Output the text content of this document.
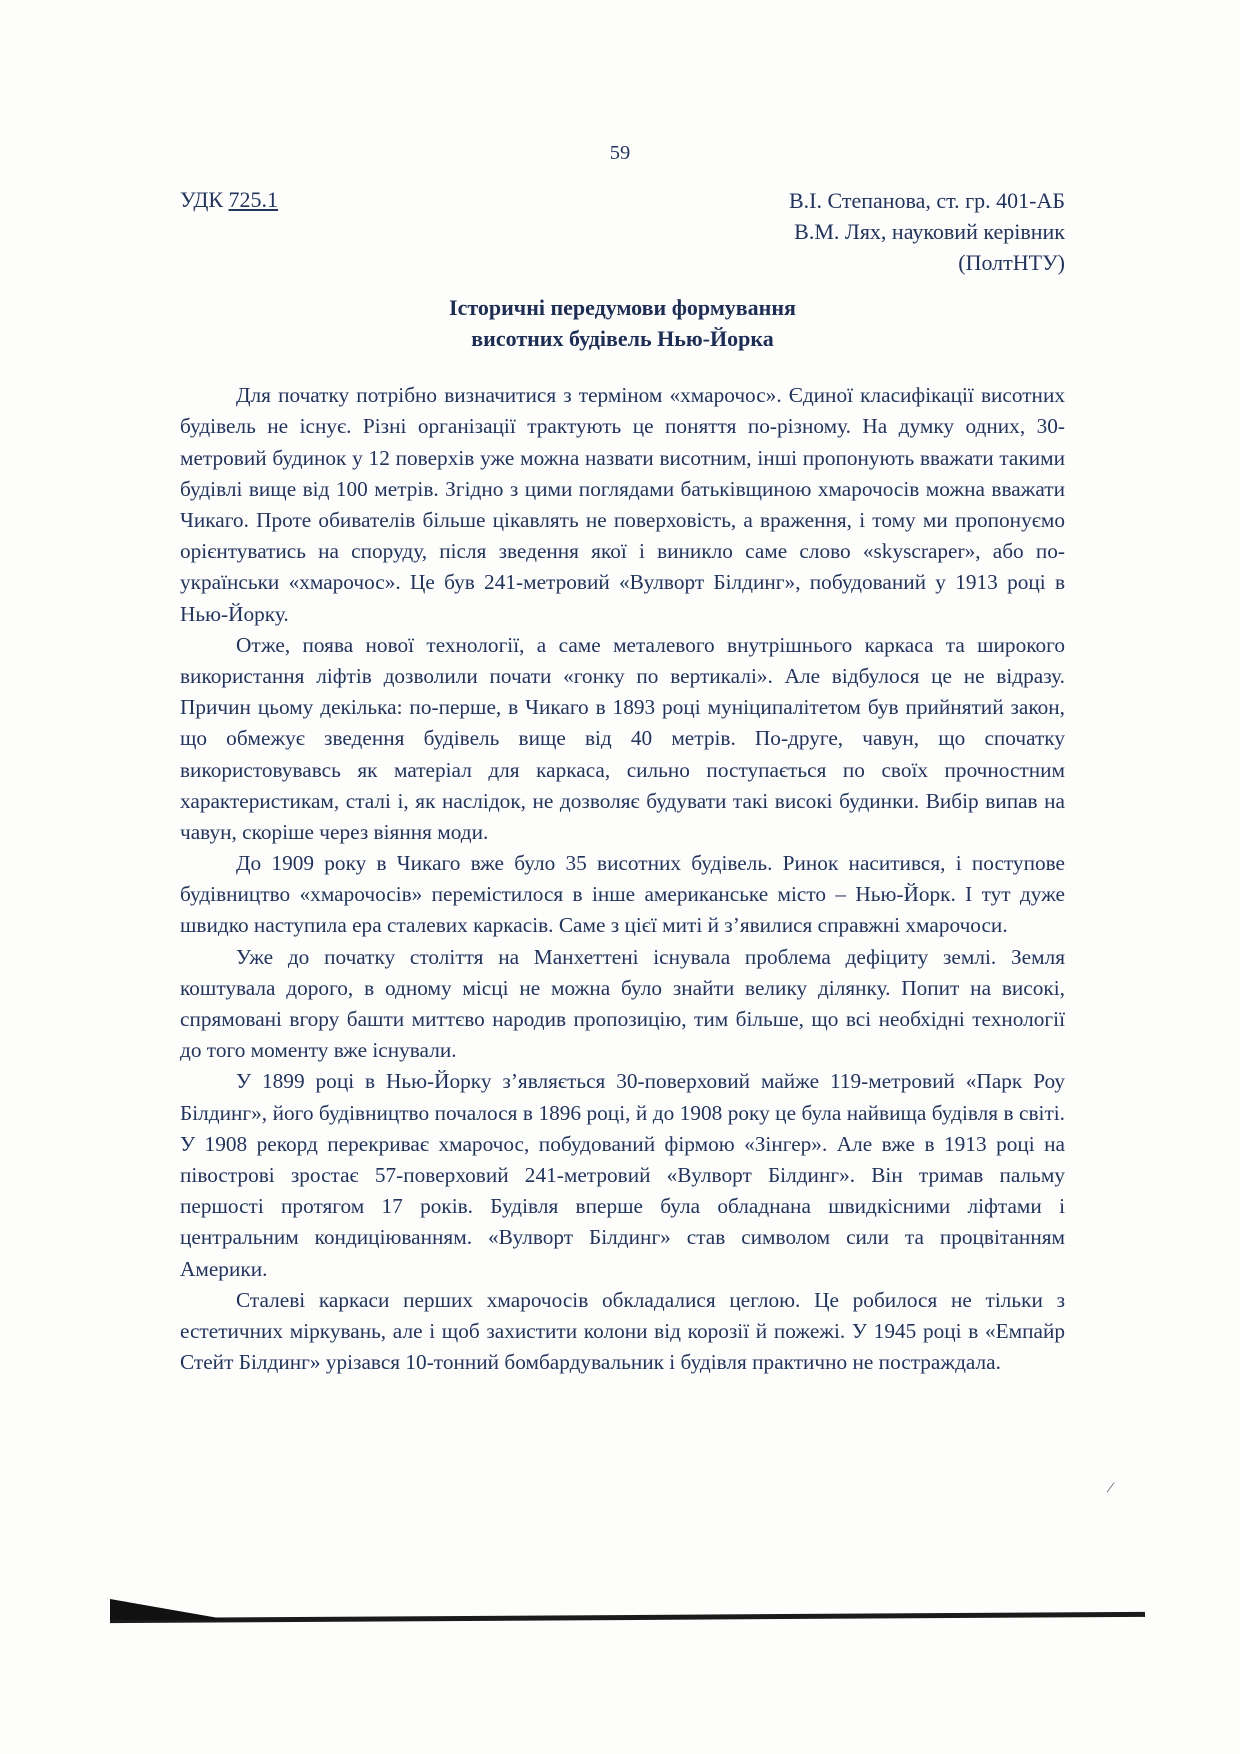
59
УДК 725.1	В.І. Степанова, ст. гр. 401-АБ
В.М. Лях, науковий керівник
(ПолтНТУ)
Історичні передумови формування
висотних будівель Нью-Йорка

Для початку потрібно визначитися з терміном «хмарочос». Єдиної класифікації висотних будівель не існує. Різні організації трактують це поняття по-різному. На думку одних, 30-метровий будинок у 12 поверхів уже можна назвати висотним, інші пропонують вважати такими будівлі вище від 100 метрів. Згідно з цими поглядами батьківщиною хмарочосів можна вважати Чикаго. Проте обивателів більше цікавлять не поверховість, а враження, і тому ми пропонуємо орієнтуватись на споруду, після зведення якої і виникло саме слово «skyscraper», або по-українськи «хмарочос». Це був 241-метровий «Вулворт Білдинг», побудований у 1913 році в Нью-Йорку.

Отже, поява нової технології, а саме металевого внутрішнього каркаса та широкого використання ліфтів дозволили почати «гонку по вертикалі». Але відбулося це не відразу. Причин цьому декілька: по-перше, в Чикаго в 1893 році муніципалітетом був прийнятий закон, що обмежує зведення будівель вище від 40 метрів. По-друге, чавун, що спочатку використовувавсь як матеріал для каркаса, сильно поступається по своїх прочностним характеристикам, сталі і, як наслідок, не дозволяє будувати такі високі будинки. Вибір випав на чавун, скоріше через віяння моди.

До 1909 року в Чикаго вже було 35 висотних будівель. Ринок наситився, і поступове будівництво «хмарочосів» перемістилося в інше американське місто – Нью-Йорк. І тут дуже швидко наступила ера сталевих каркасів. Саме з цієї миті й з’явилися справжні хмарочоси.

Уже до початку століття на Манхеттені існувала проблема дефіциту землі. Земля коштувала дорого, в одному місці не можна було знайти велику ділянку. Попит на високі, спрямовані вгору башти миттєво народив пропозицію, тим більше, що всі необхідні технології до того моменту вже існували.

У 1899 році в Нью-Йорку з’являється 30-поверховий майже 119-метровий «Парк Роу Білдинг», його будівництво почалося в 1896 році, й до 1908 року це була найвища будівля в світі. У 1908 рекорд перекриває хмарочос, побудований фірмою «Зінгер». Але вже в 1913 році на півострові зростає 57-поверховий 241-метровий «Вулворт Білдинг». Він тримав пальму першості протягом 17 років. Будівля вперше була обладнана швидкісними ліфтами і центральним кондиціюванням. «Вулворт Білдинг» став символом сили та процвітанням Америки.

Сталеві каркаси перших хмарочосів обкладалися цеглою. Це робилося не тільки з естетичних міркувань, але і щоб захистити колони від корозії й пожежі. У 1945 році в «Емпайр Стейт Білдинг» урізався 10-тонний бомбардувальник і будівля практично не постраждала.

/
